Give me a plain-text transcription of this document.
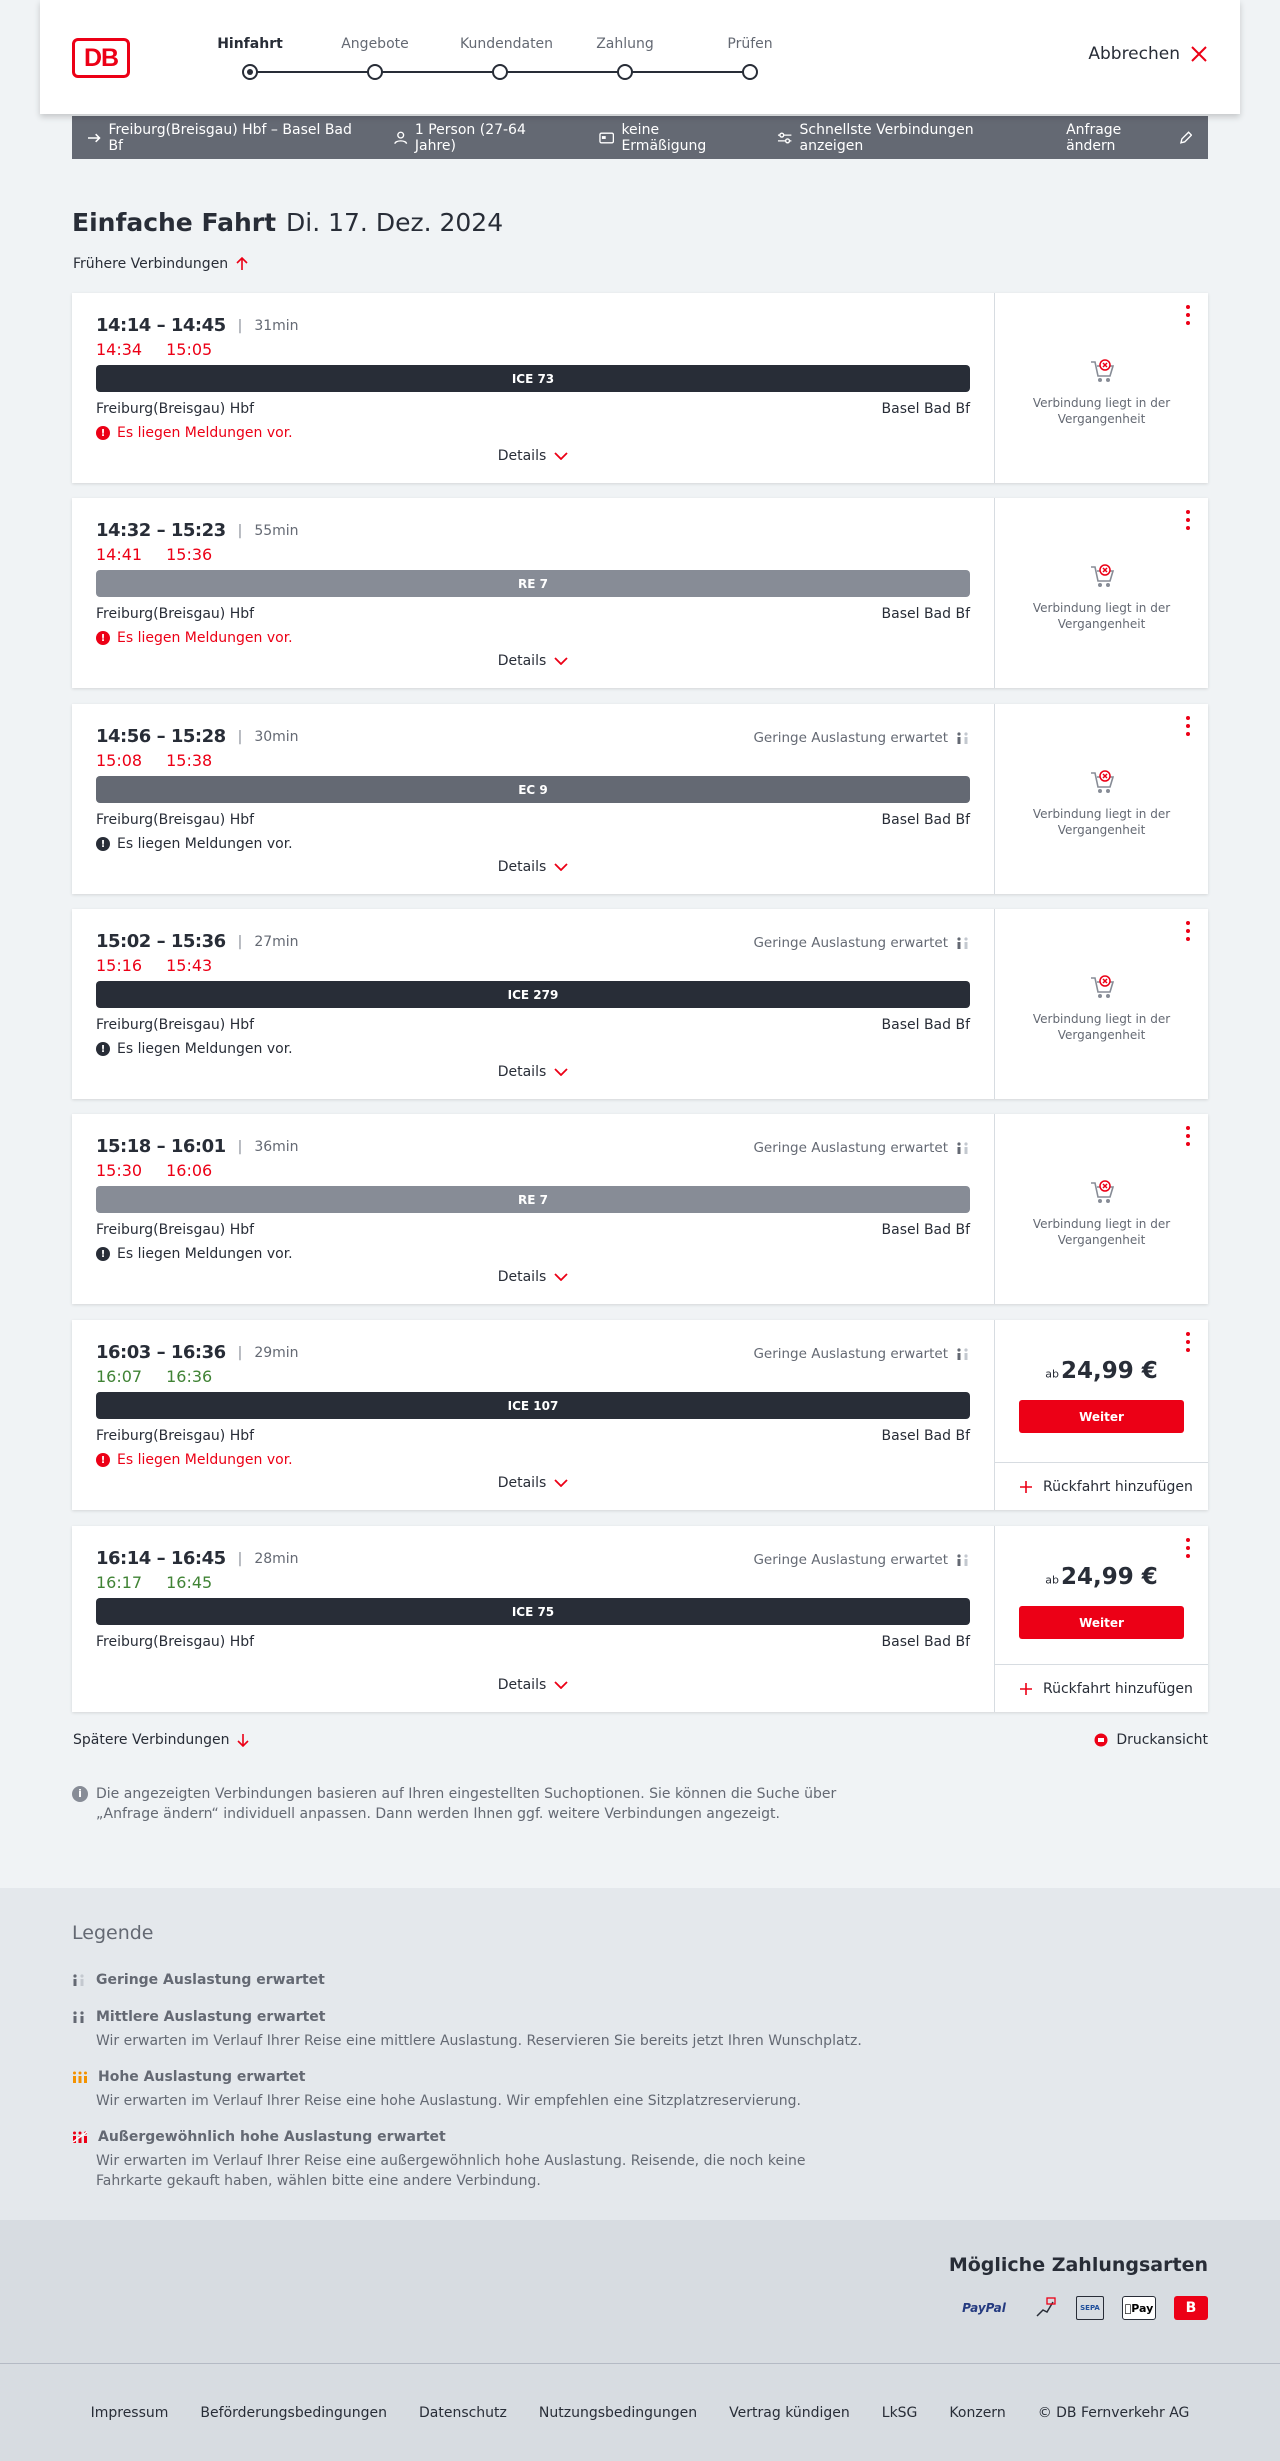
DB	Hinfahrt	Angebote	Kundendaten	Zahlung	Prüfen	Abbrechen
Freiburg(Breisgau) Hbf – Basel Bad Bf
1 Person (27-64 Jahre)
keine Ermäßigung
Schnellste Verbindungen anzeigen
Anfrage ändern
Einfache Fahrt Di. 17. Dez. 2024
Frühere Verbindungen
14:14 – 14:45 | 31min
14:34 15:05
ICE 73
Freiburg(Breisgau) Hbf	Basel Bad Bf
! Es liegen Meldungen vor.
Details
Verbindung liegt in der Vergangenheit
14:32 – 15:23 | 55min
14:41 15:36
RE 7
Freiburg(Breisgau) Hbf	Basel Bad Bf
! Es liegen Meldungen vor.
Details
Verbindung liegt in der Vergangenheit
14:56 – 15:28 | 30min
15:08 15:38
Geringe Auslastung erwartet
EC 9
Freiburg(Breisgau) Hbf	Basel Bad Bf
! Es liegen Meldungen vor.
Details
Verbindung liegt in der Vergangenheit
15:02 – 15:36 | 27min
15:16 15:43
Geringe Auslastung erwartet
ICE 279
Freiburg(Breisgau) Hbf	Basel Bad Bf
! Es liegen Meldungen vor.
Details
Verbindung liegt in der Vergangenheit
15:18 – 16:01 | 36min
15:30 16:06
Geringe Auslastung erwartet
RE 7
Freiburg(Breisgau) Hbf	Basel Bad Bf
! Es liegen Meldungen vor.
Details
Verbindung liegt in der Vergangenheit
16:03 – 16:36 | 29min
16:07 16:36
Geringe Auslastung erwartet
ICE 107
Freiburg(Breisgau) Hbf	Basel Bad Bf
! Es liegen Meldungen vor.
Details
ab24,99 €
Weiter
Rückfahrt hinzufügen
16:14 – 16:45 | 28min
16:17 16:45
Geringe Auslastung erwartet
ICE 75
Freiburg(Breisgau) Hbf	Basel Bad Bf
Details
ab24,99 €
Weiter
Rückfahrt hinzufügen
Spätere Verbindungen	Druckansicht
i	Die angezeigten Verbindungen basieren auf Ihren eingestellten Suchoptionen. Sie können die Suche über „Anfrage ändern“ individuell anpassen. Dann werden Ihnen ggf. weitere Verbindungen angezeigt.
Legende
Geringe Auslastung erwartet
Mittlere Auslastung erwartet

Wir erwarten im Verlauf Ihrer Reise eine mittlere Auslastung. Reservieren Sie bereits jetzt Ihren Wunschplatz.

Hohe Auslastung erwartet

Wir erwarten im Verlauf Ihrer Reise eine hohe Auslastung. Wir empfehlen eine Sitzplatzreservierung.

Außergewöhnlich hohe Auslastung erwartet

Wir erwarten im Verlauf Ihrer Reise eine außergewöhnlich hohe Auslastung. Reisende, die noch keine Fahrkarte gekauft haben, wählen bitte eine andere Verbindung.

Mögliche Zahlungsarten
PayPal	SEPA	Pay	B
Impressum Beförderungsbedingungen Datenschutz Nutzungsbedingungen Vertrag kündigen LkSG Konzern © DB Fernverkehr AG
